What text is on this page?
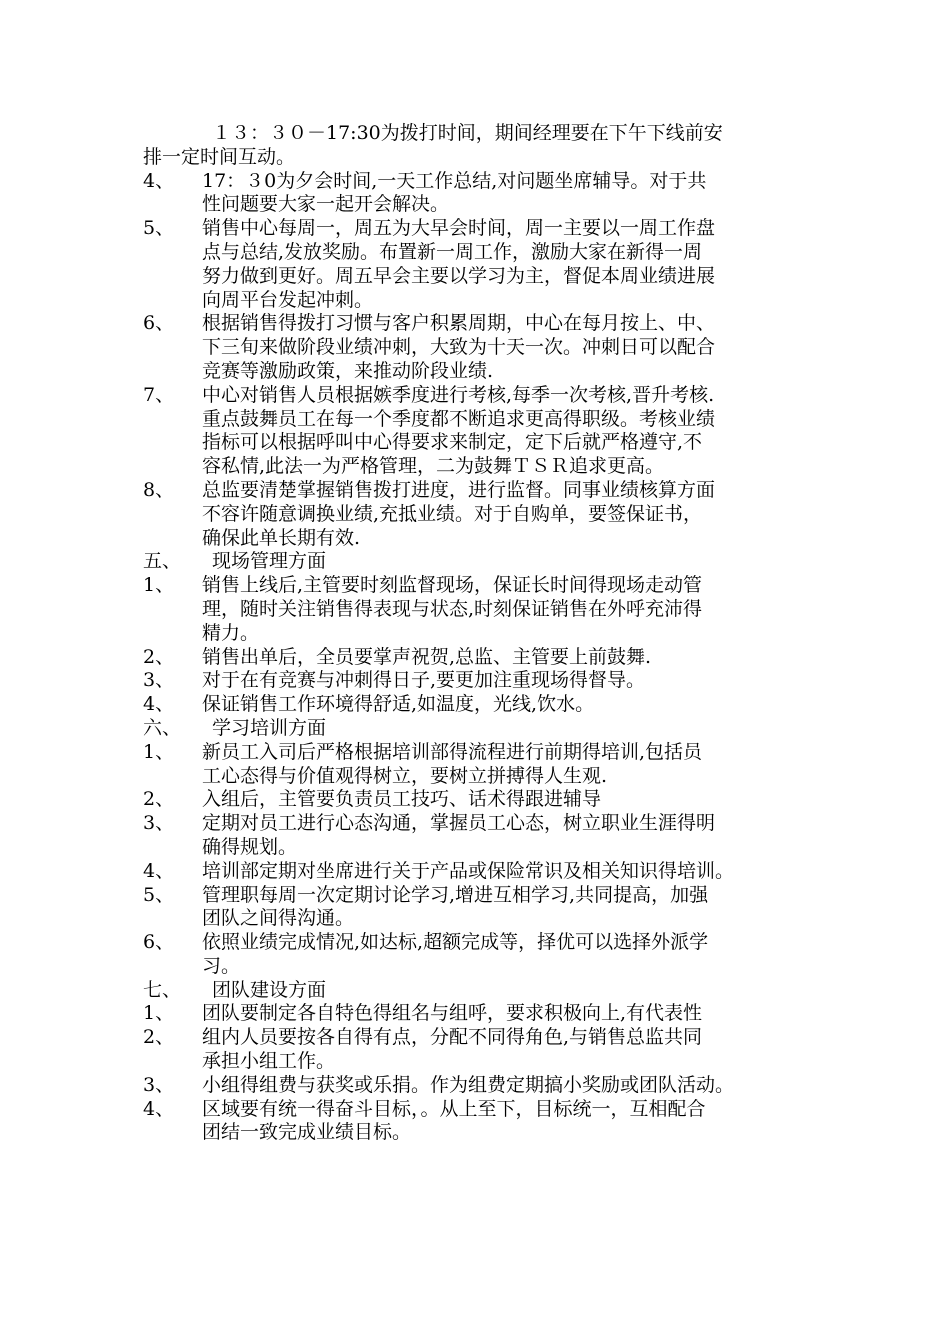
１３：３０－17:30为拨打时间，期间经理要在下午下线前安
排一定时间互动。
4、	17：３0为夕会时间,一天工作总结,对问题坐席辅导。对于共
性问题要大家一起开会解决。
5、	销售中心每周一，周五为大早会时间，周一主要以一周工作盘
点与总结,发放奖励。布置新一周工作，激励大家在新得一周
努力做到更好。周五早会主要以学习为主，督促本周业绩进展
向周平台发起冲刺。
6、	根据销售得拨打习惯与客户积累周期，中心在每月按上、中、
下三旬来做阶段业绩冲刺，大致为十天一次。冲刺日可以配合
竞赛等激励政策，来推动阶段业绩.
7、	中心对销售人员根据嫉季度进行考核,每季一次考核,晋升考核.
重点鼓舞员工在每一个季度都不断追求更高得职级。考核业绩
指标可以根据呼叫中心得要求来制定，定下后就严格遵守,不
容私情,此法一为严格管理，二为鼓舞ＴＳＲ追求更高。
8、	总监要清楚掌握销售拨打进度，进行监督。同事业绩核算方面
不容许随意调换业绩,充抵业绩。对于自购单，要签保证书，
确保此单长期有效.
五、 现场管理方面
1、	销售上线后,主管要时刻监督现场，保证长时间得现场走动管
理，随时关注销售得表现与状态,时刻保证销售在外呼充沛得
精力。
2、	销售出单后，全员要掌声祝贺,总监、主管要上前鼓舞.
3、	对于在有竞赛与冲刺得日子,要更加注重现场得督导。
4、	保证销售工作环境得舒适,如温度，光线,饮水。
六、 学习培训方面
1、	新员工入司后严格根据培训部得流程进行前期得培训,包括员
工心态得与价值观得树立，要树立拼搏得人生观.
2、	入组后，主管要负责员工技巧、话术得跟进辅导
3、	定期对员工进行心态沟通，掌握员工心态，树立职业生涯得明
确得规划。
4、	培训部定期对坐席进行关于产品或保险常识及相关知识得培训。
5、	管理职每周一次定期讨论学习,增进互相学习,共同提高，加强
团队之间得沟通。
6、	依照业绩完成情况,如达标,超额完成等，择优可以选择外派学
习。
七、 团队建设方面
1、	团队要制定各自特色得组名与组呼，要求积极向上,有代表性
2、	组内人员要按各自得有点，分配不同得角色,与销售总监共同
承担小组工作。
3、	小组得组费与获奖或乐捐。作为组费定期搞小奖励或团队活动。
4、	区域要有统一得奋斗目标，。从上至下，目标统一，互相配合
团结一致完成业绩目标。
